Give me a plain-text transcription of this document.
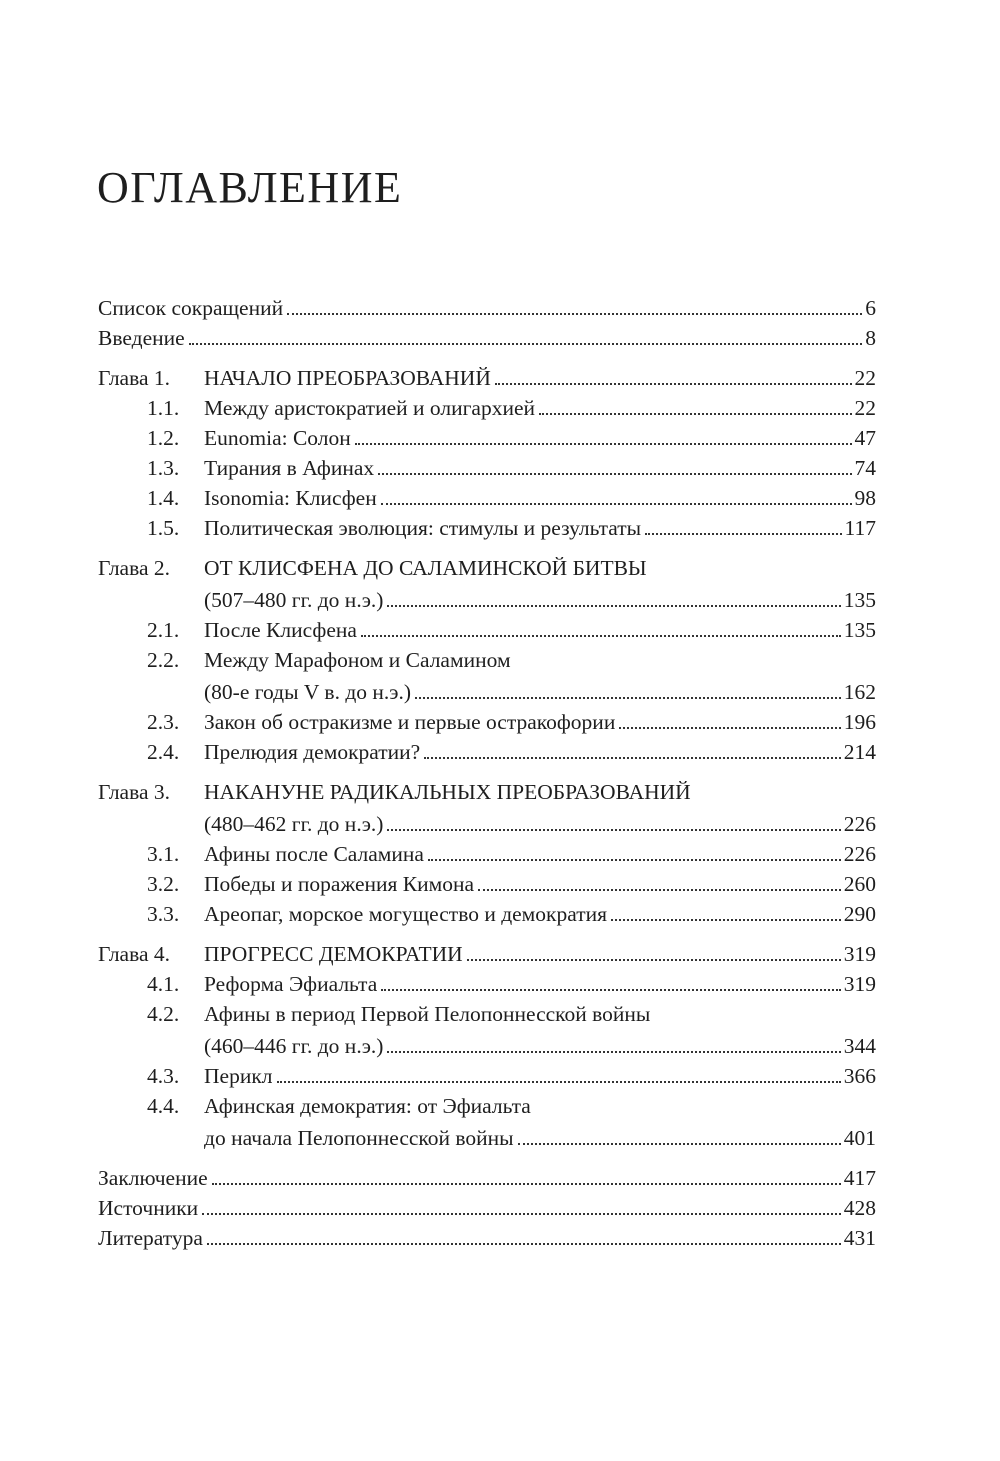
ОГЛАВЛЕНИЕ
Список сокращений	6
Введение	8
Глава 1. НАЧАЛО ПРЕОБРАЗОВАНИЙ	22
1.1. Между аристократией и олигархией	22
1.2. Eunomia: Солон	47
1.3. Тирания в Афинах	74
1.4. Isonomia: Клисфен	98
1.5. Политическая эволюция: стимулы и результаты	117
Глава 2. ОТ КЛИСФЕНА ДО САЛАМИНСКОЙ БИТВЫ
(507–480 гг. до н.э.)	135
2.1. После Клисфена	135
2.2. Между Марафоном и Саламином
(80-е годы V в. до н.э.)	162
2.3. Закон об остракизме и первые остракофории	196
2.4. Прелюдия демократии?	214
Глава 3. НАКАНУНЕ РАДИКАЛЬНЫХ ПРЕОБРАЗОВАНИЙ
(480–462 гг. до н.э.)	226
3.1. Афины после Саламина	226
3.2. Победы и поражения Кимона	260
3.3. Ареопаг, морское могущество и демократия	290
Глава 4. ПРОГРЕСС ДЕМОКРАТИИ	319
4.1. Реформа Эфиальта	319
4.2. Афины в период Первой Пелопоннесской войны
(460–446 гг. до н.э.)	344
4.3. Перикл	366
4.4. Афинская демократия: от Эфиальта
до начала Пелопоннесской войны	401
Заключение	417
Источники	428
Литература	431
